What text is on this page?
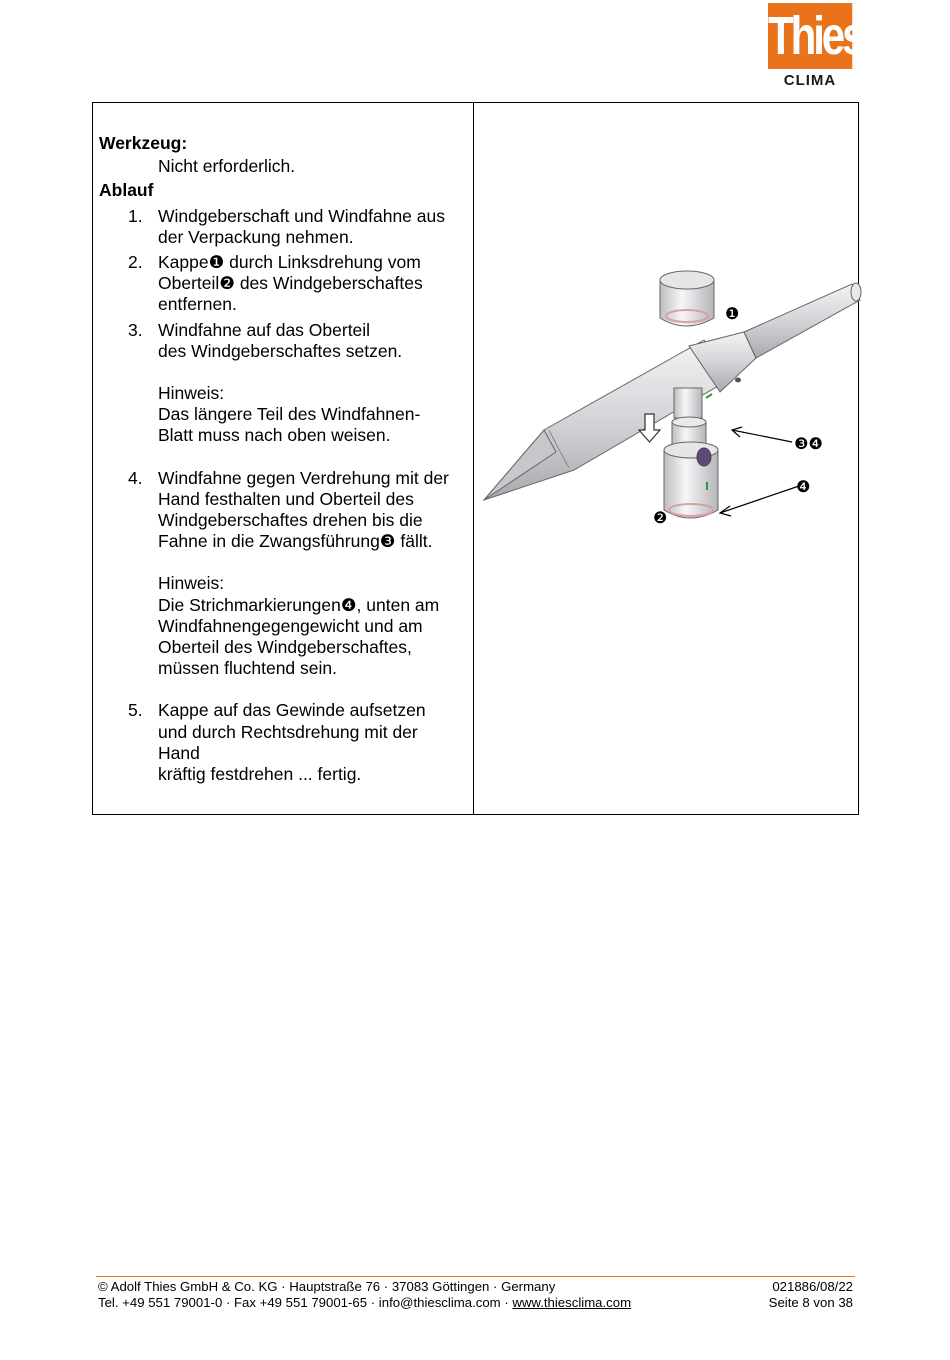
Thies
CLIMA
Werkzeug:
Nicht erforderlich.
Ablauf
1. Windgeberschaft und Windfahne aus
der Verpackung nehmen.
2. Kappe❶ durch Linksdrehung vom
Oberteil❷ des Windgeberschaftes
entfernen.
3. Windfahne auf das Oberteil
des Windgeberschaftes setzen.
Hinweis:
Das längere Teil des Windfahnen-
Blatt muss nach oben weisen.
4. Windfahne gegen Verdrehung mit der
Hand festhalten und Oberteil des
Windgeberschaftes drehen bis die
Fahne in die Zwangsführung❸ fällt.
Hinweis:
Die Strichmarkierungen❹, unten am
Windfahnengegengewicht und am
Oberteil des Windgeberschaftes,
müssen fluchtend sein.
5. Kappe auf das Gewinde aufsetzen
und durch Rechtsdrehung mit der
Hand
kräftig festdrehen ... fertig.
❶
❸❹
❹
❷
© Adolf Thies GmbH & Co. KG · Hauptstraße 76 · 37083 Göttingen · Germany	021886/08/22
Tel. +49 551 79001-0 · Fax +49 551 79001-65 · info@thiesclima.com · www.thiesclima.com	Seite 8 von 38
